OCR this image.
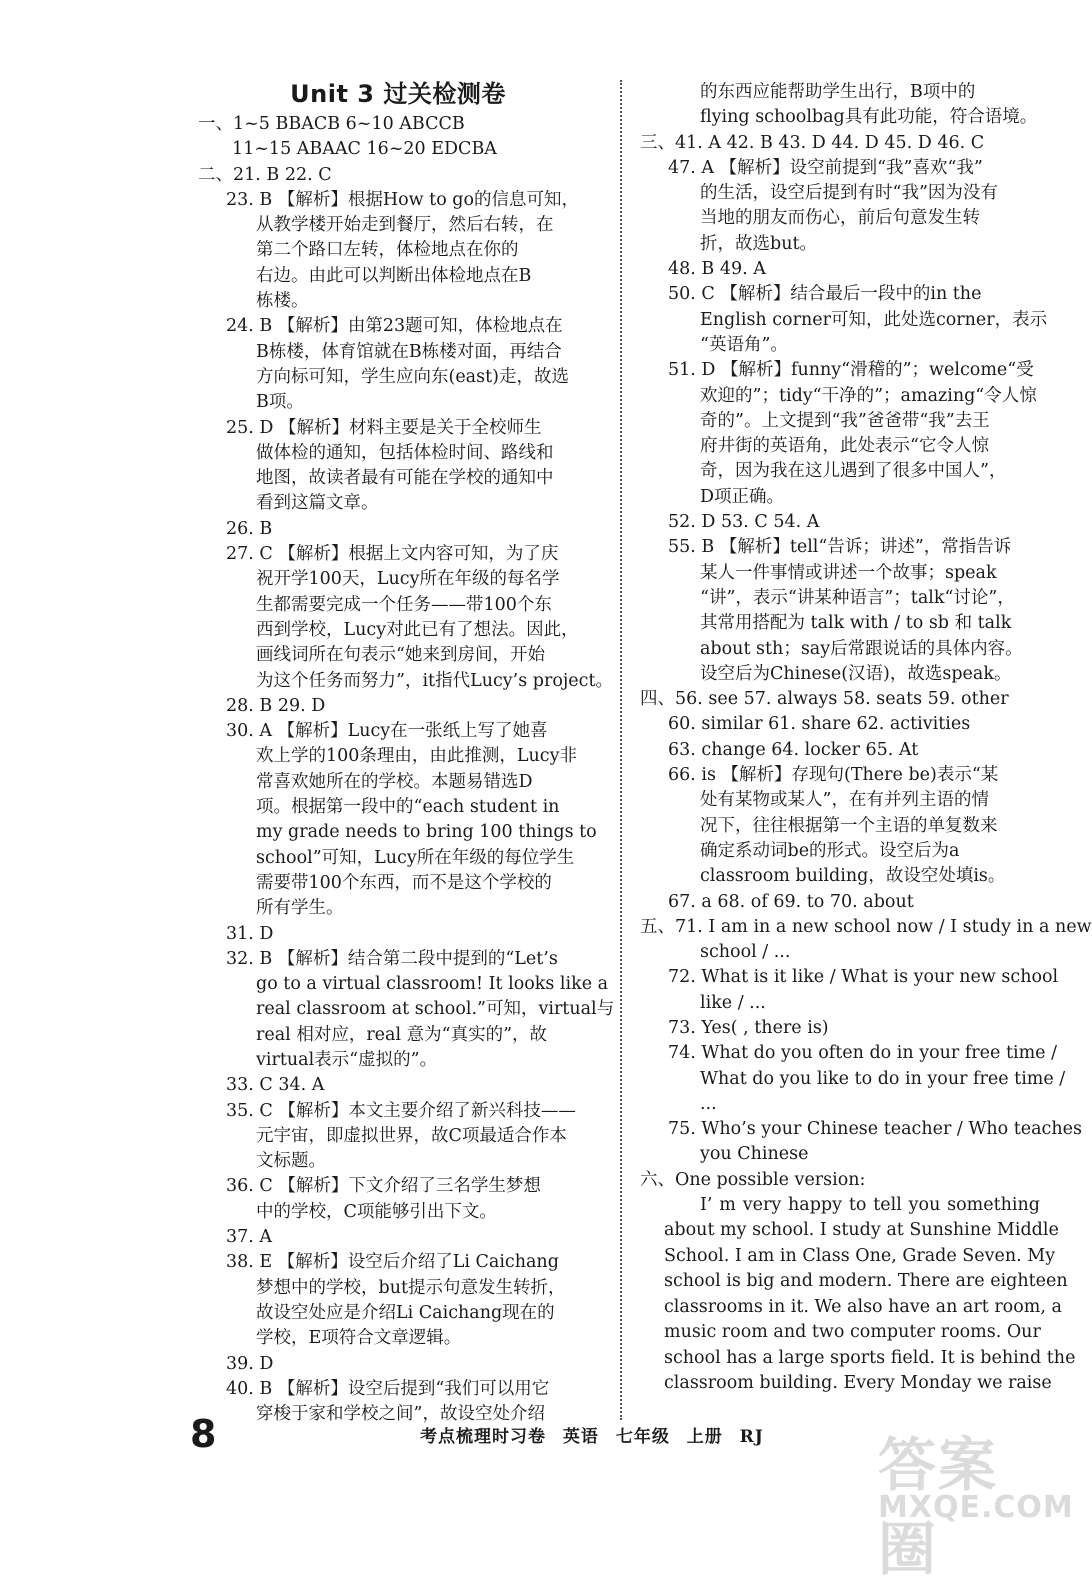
Unit 3 过关检测卷
一、1~5 BBACB 6~10 ABCCB
11~15 ABAAC 16~20 EDCBA
二、21. B 22. C
23. B 【解析】根据How to go的信息可知，
从教学楼开始走到餐厅，然后右转，在
第二个路口左转，体检地点在你的
右边。由此可以判断出体检地点在B
栋楼。
24. B 【解析】由第23题可知，体检地点在
B栋楼，体育馆就在B栋楼对面，再结合
方向标可知，学生应向东(east)走，故选
B项。
25. D 【解析】材料主要是关于全校师生
做体检的通知，包括体检时间、路线和
地图，故读者最有可能在学校的通知中
看到这篇文章。
26. B
27. C 【解析】根据上文内容可知，为了庆
祝开学100天，Lucy所在年级的每名学
生都需要完成一个任务——带100个东
西到学校，Lucy对此已有了想法。因此，
画线词所在句表示“她来到房间，开始
为这个任务而努力”，it指代Lucy’s project。
28. B 29. D
30. A 【解析】Lucy在一张纸上写了她喜
欢上学的100条理由，由此推测，Lucy非
常喜欢她所在的学校。本题易错选D
项。根据第一段中的“each student in
my grade needs to bring 100 things to
school”可知，Lucy所在年级的每位学生
需要带100个东西，而不是这个学校的
所有学生。
31. D
32. B 【解析】结合第二段中提到的“Let’s
go to a virtual classroom! It looks like a
real classroom at school.”可知，virtual与
real 相对应，real 意为“真实的”，故
virtual表示“虚拟的”。
33. C 34. A
35. C 【解析】本文主要介绍了新兴科技——
元宇宙，即虚拟世界，故C项最适合作本
文标题。
36. C 【解析】下文介绍了三名学生梦想
中的学校，C项能够引出下文。
37. A
38. E 【解析】设空后介绍了Li Caichang
梦想中的学校，but提示句意发生转折，
故设空处应是介绍Li Caichang现在的
学校，E项符合文章逻辑。
39. D
40. B 【解析】设空后提到“我们可以用它
穿梭于家和学校之间”，故设空处介绍
的东西应能帮助学生出行，B项中的
flying schoolbag具有此功能，符合语境。
三、41. A 42. B 43. D 44. D 45. D 46. C
47. A 【解析】设空前提到“我”喜欢“我”
的生活，设空后提到有时“我”因为没有
当地的朋友而伤心，前后句意发生转
折，故选but。
48. B 49. A
50. C 【解析】结合最后一段中的in the
English corner可知，此处选corner，表示
“英语角”。
51. D 【解析】funny“滑稽的”；welcome“受
欢迎的”；tidy“干净的”；amazing“令人惊
奇的”。上文提到“我”爸爸带“我”去王
府井街的英语角，此处表示“它令人惊
奇，因为我在这儿遇到了很多中国人”，
D项正确。
52. D 53. C 54. A
55. B 【解析】tell“告诉；讲述”，常指告诉
某人一件事情或讲述一个故事；speak
“讲”，表示“讲某种语言”；talk“讨论”，
其常用搭配为 talk with / to sb 和 talk
about sth；say后常跟说话的具体内容。
设空后为Chinese(汉语)，故选speak。
四、56. see 57. always 58. seats 59. other
60. similar 61. share 62. activities
63. change 64. locker 65. At
66. is 【解析】存现句(There be)表示“某
处有某物或某人”，在有并列主语的情
况下，往往根据第一个主语的单复数来
确定系动词be的形式。设空后为a
classroom building，故设空处填is。
67. a 68. of 69. to 70. about
五、71. I am in a new school now / I study in a new
school / ...
72. What is it like / What is your new school
like / ...
73. Yes( , there is)
74. What do you often do in your free time /
What do you like to do in your free time /
...
75. Who’s your Chinese teacher / Who teaches
you Chinese
六、One possible version:
I’ m very happy to tell you something
about my school. I study at Sunshine Middle
School. I am in Class One, Grade Seven. My
school is big and modern. There are eighteen
classrooms in it. We also have an art room, a
music room and two computer rooms. Our
school has a large sports field. It is behind the
classroom building. Every Monday we raise
8	考点梳理时习卷 英语 七年级 上册 RJ 答案圈
MXQE.COM
